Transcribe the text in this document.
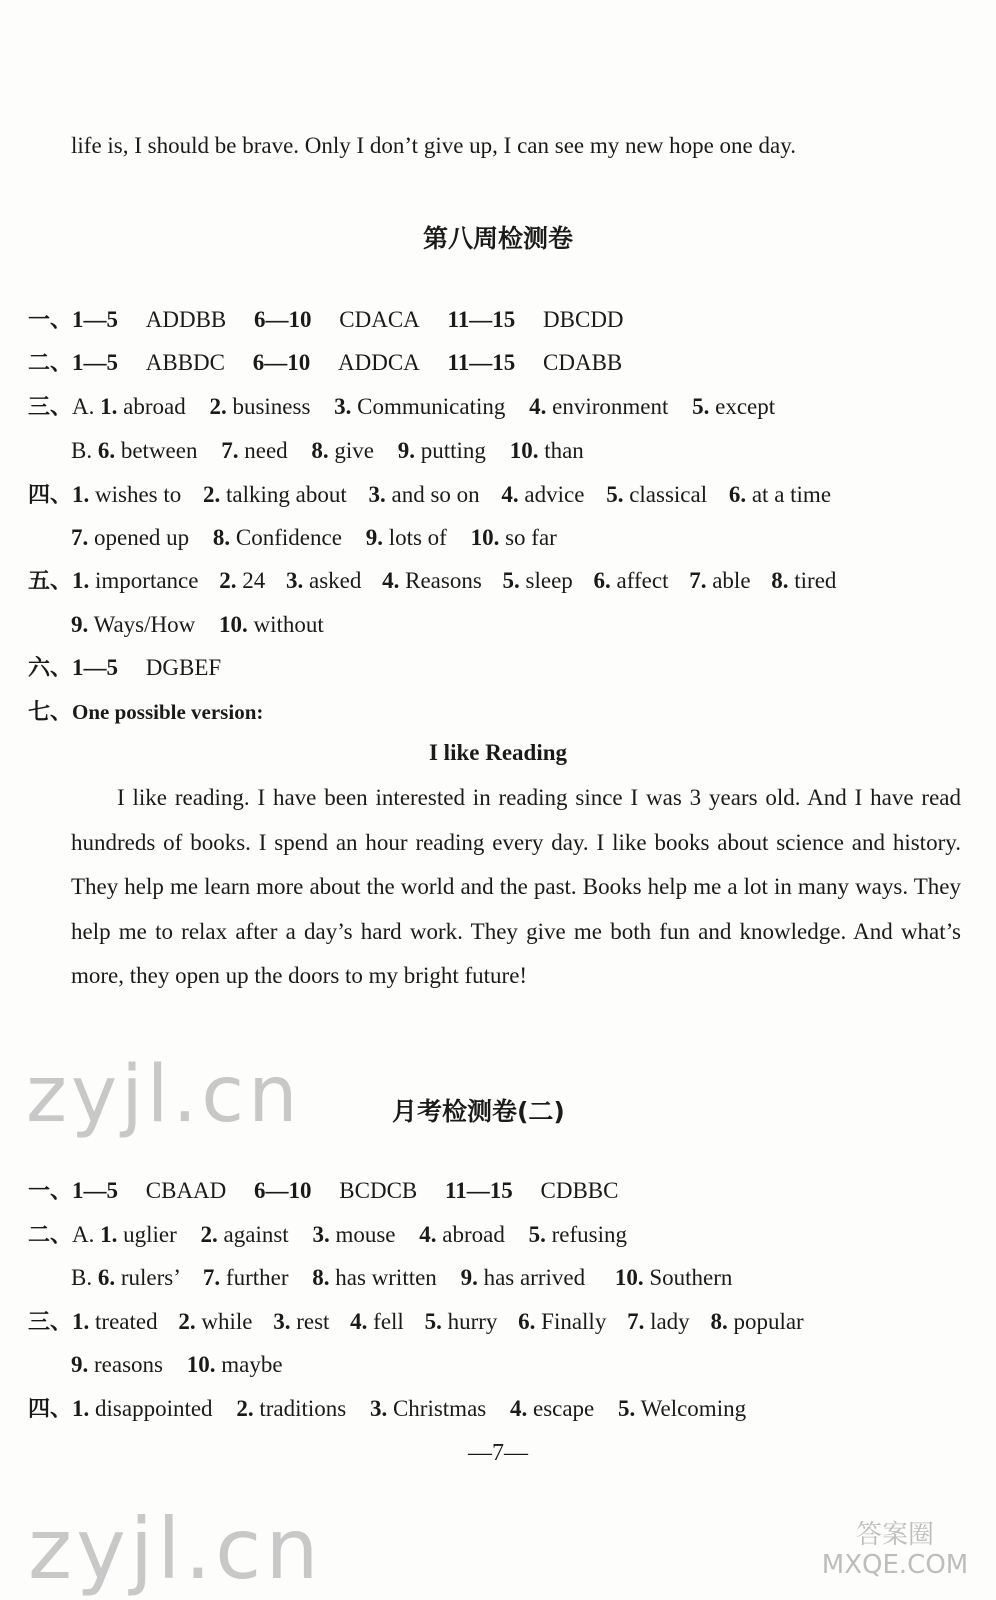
life is, I should be brave. Only I don’t give up, I can see my new hope one day.
第八周检测卷
一、1—5 ADDBB 6—10 CDACA 11—15 DBCDD
二、1—5 ABBDC 6—10 ADDCA 11—15 CDABB
三、A. 1. abroad 2. business 3. Communicating 4. environment 5. except
B. 6. between 7. need 8. give 9. putting 10. than
四、1. wishes to 2. talking about 3. and so on 4. advice 5. classical 6. at a time
7. opened up 8. Confidence 9. lots of 10. so far
五、1. importance 2. 24 3. asked 4. Reasons 5. sleep 6. affect 7. able 8. tired
9. Ways/How 10. without
六、1—5 DGBEF
七、One possible version:
I like Reading
I like reading. I have been interested in reading since I was 3 years old. And I have read hundreds of books. I spend an hour reading every day. I like books about science and history. They help me learn more about the world and the past. Books help me a lot in many ways. They help me to relax after a day’s hard work. They give me both fun and knowledge. And what’s more, they open up the doors to my bright future!
zyjl.cn	月考检测卷(二)
一、1—5 CBAAD 6—10 BCDCB 11—15 CDBBC
二、A. 1. uglier 2. against 3. mouse 4. abroad 5. refusing
B. 6. rulers’ 7. further 8. has written 9. has arrived 10. Southern
三、1. treated 2. while 3. rest 4. fell 5. hurry 6. Finally 7. lady 8. popular
9. reasons 10. maybe
四、1. disappointed 2. traditions 3. Christmas 4. escape 5. Welcoming
—7—
zyjl.cn	答案圈 MXQE.COM
